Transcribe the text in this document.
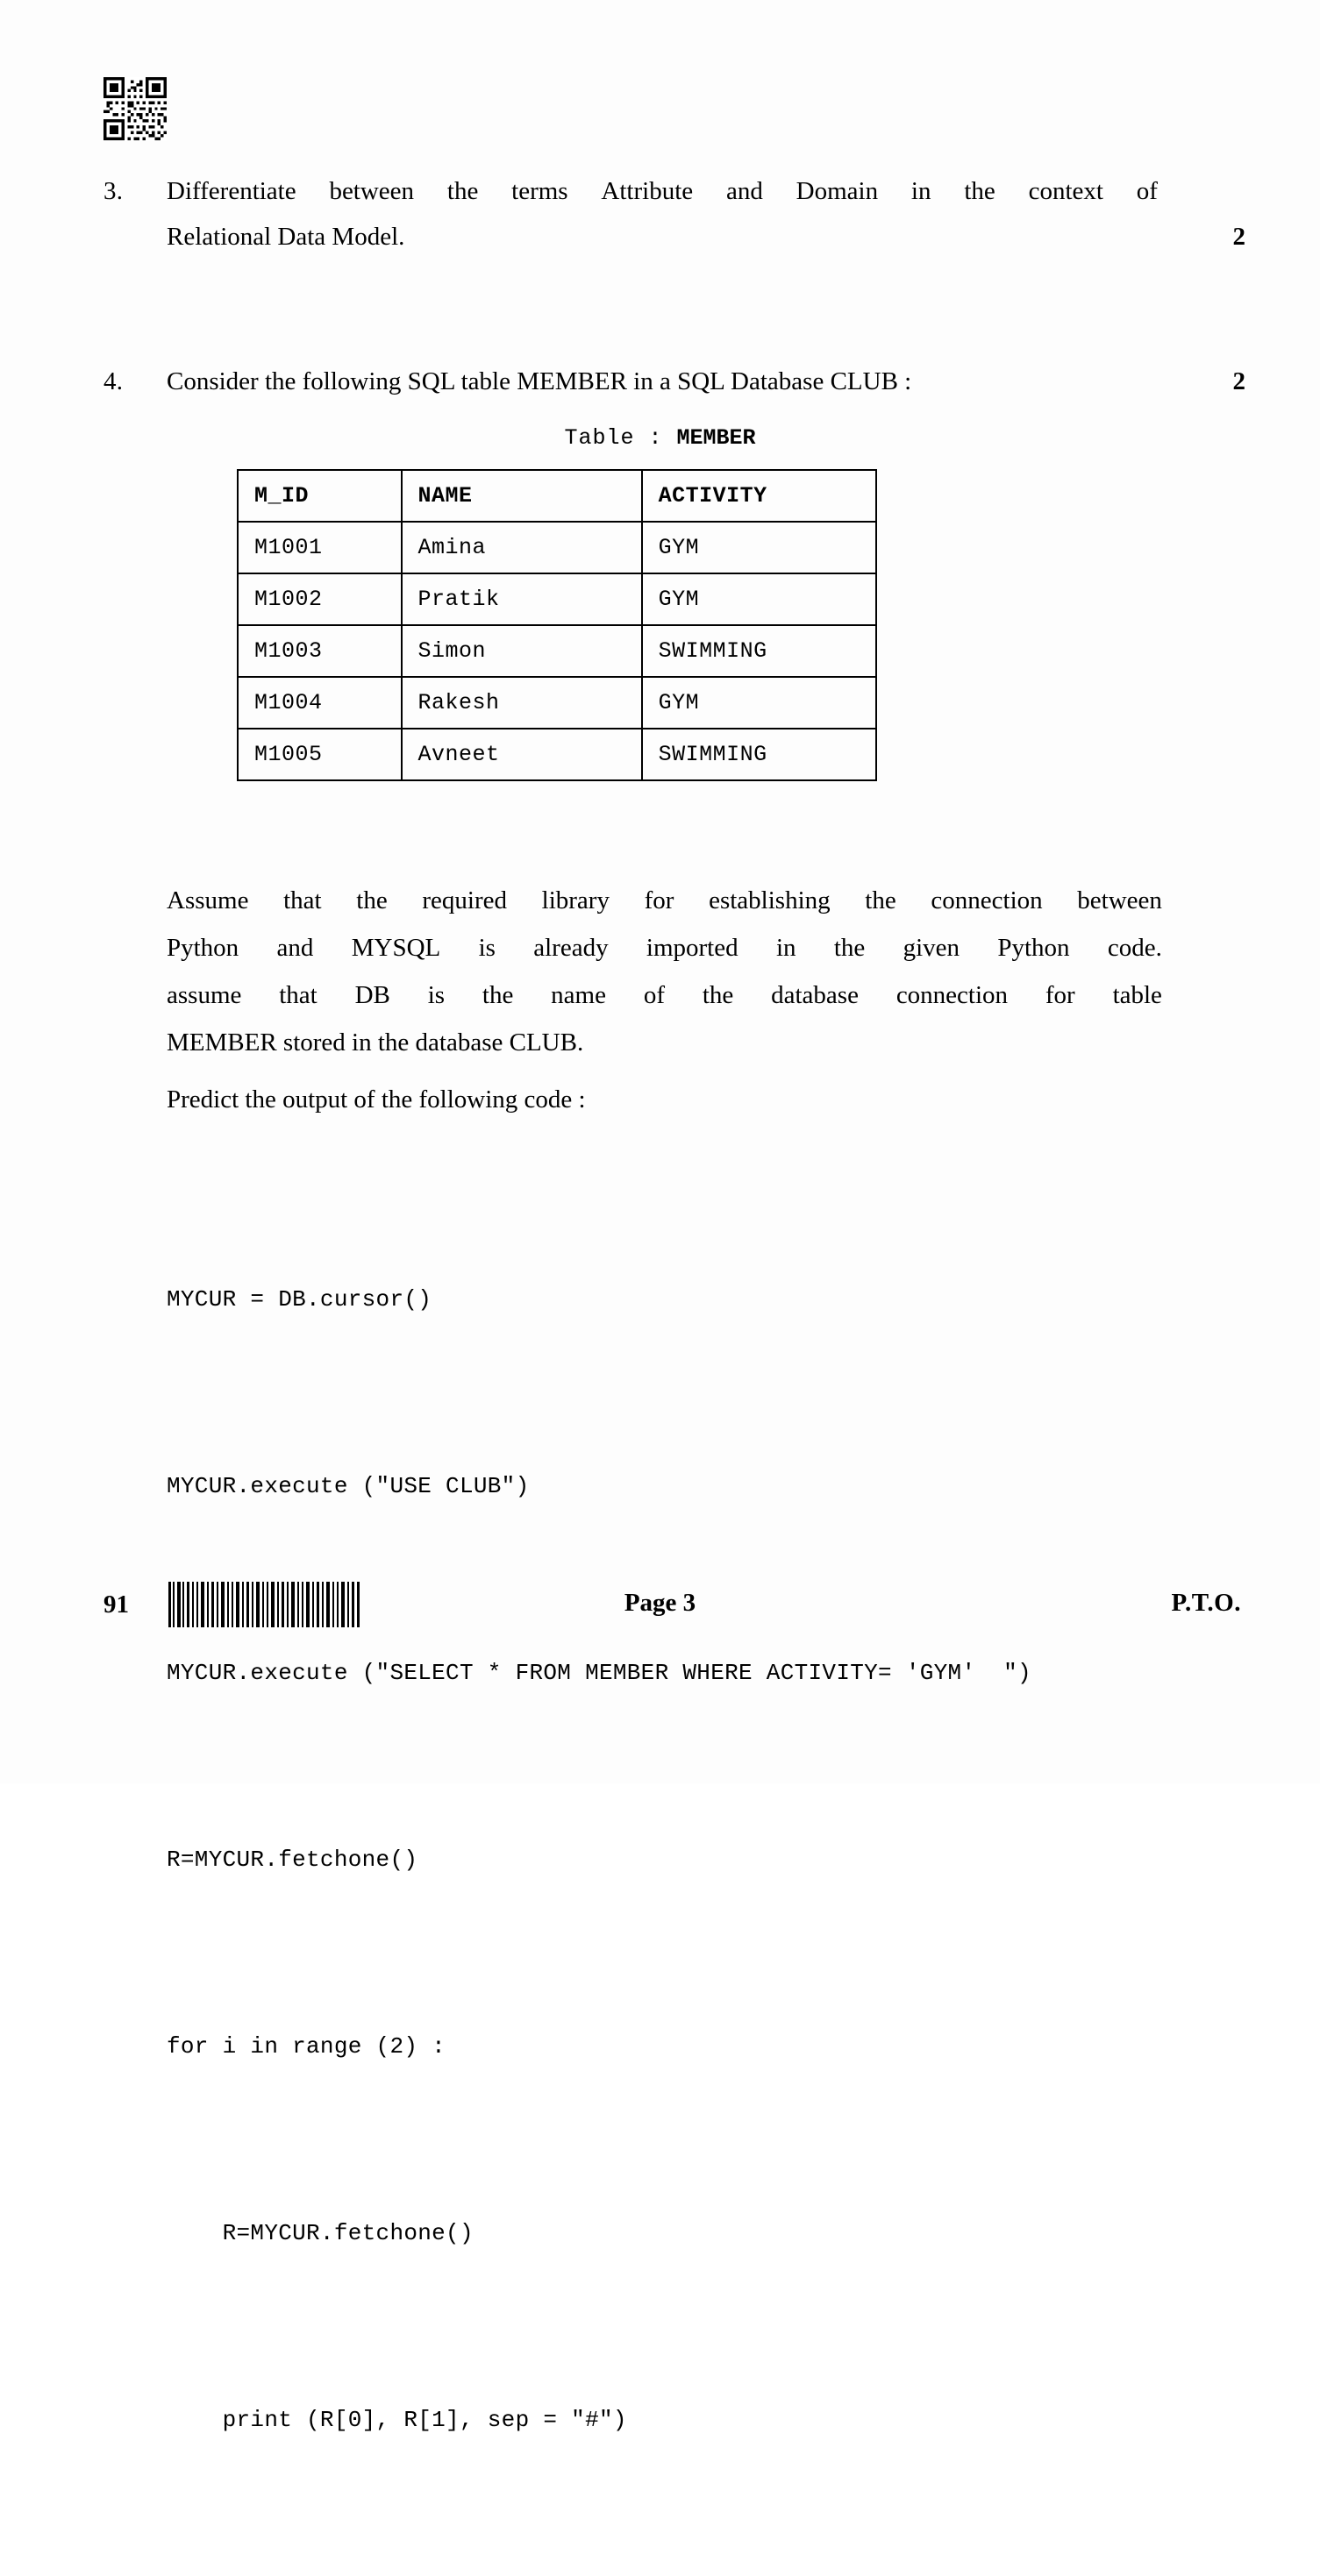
3. Differentiate between the terms Attribute and Domain in the context of
Relational Data Model.	2
4. Consider the following SQL table MEMBER in a SQL Database CLUB :	2
Table : MEMBER
M_ID	NAME	ACTIVITY
M1001	Amina	GYM
M1002	Pratik	GYM
M1003	Simon	SWIMMING
M1004	Rakesh	GYM
M1005	Avneet	SWIMMING
Assume that the required library for establishing the connection between
Python and MYSQL is already imported in the given Python code.
assume that DB is the name of the database connection for table
MEMBER stored in the database CLUB.
Predict the output of the following code :

MYCUR = DB.cursor()

MYCUR.execute ("USE CLUB")

MYCUR.execute ("SELECT * FROM MEMBER WHERE ACTIVITY= 'GYM'  ")

R=MYCUR.fetchone()

for i in range (2) :

R=MYCUR.fetchone()

print (R[0], R[1], sep = "#")

91	Page 3	P.T.O.
